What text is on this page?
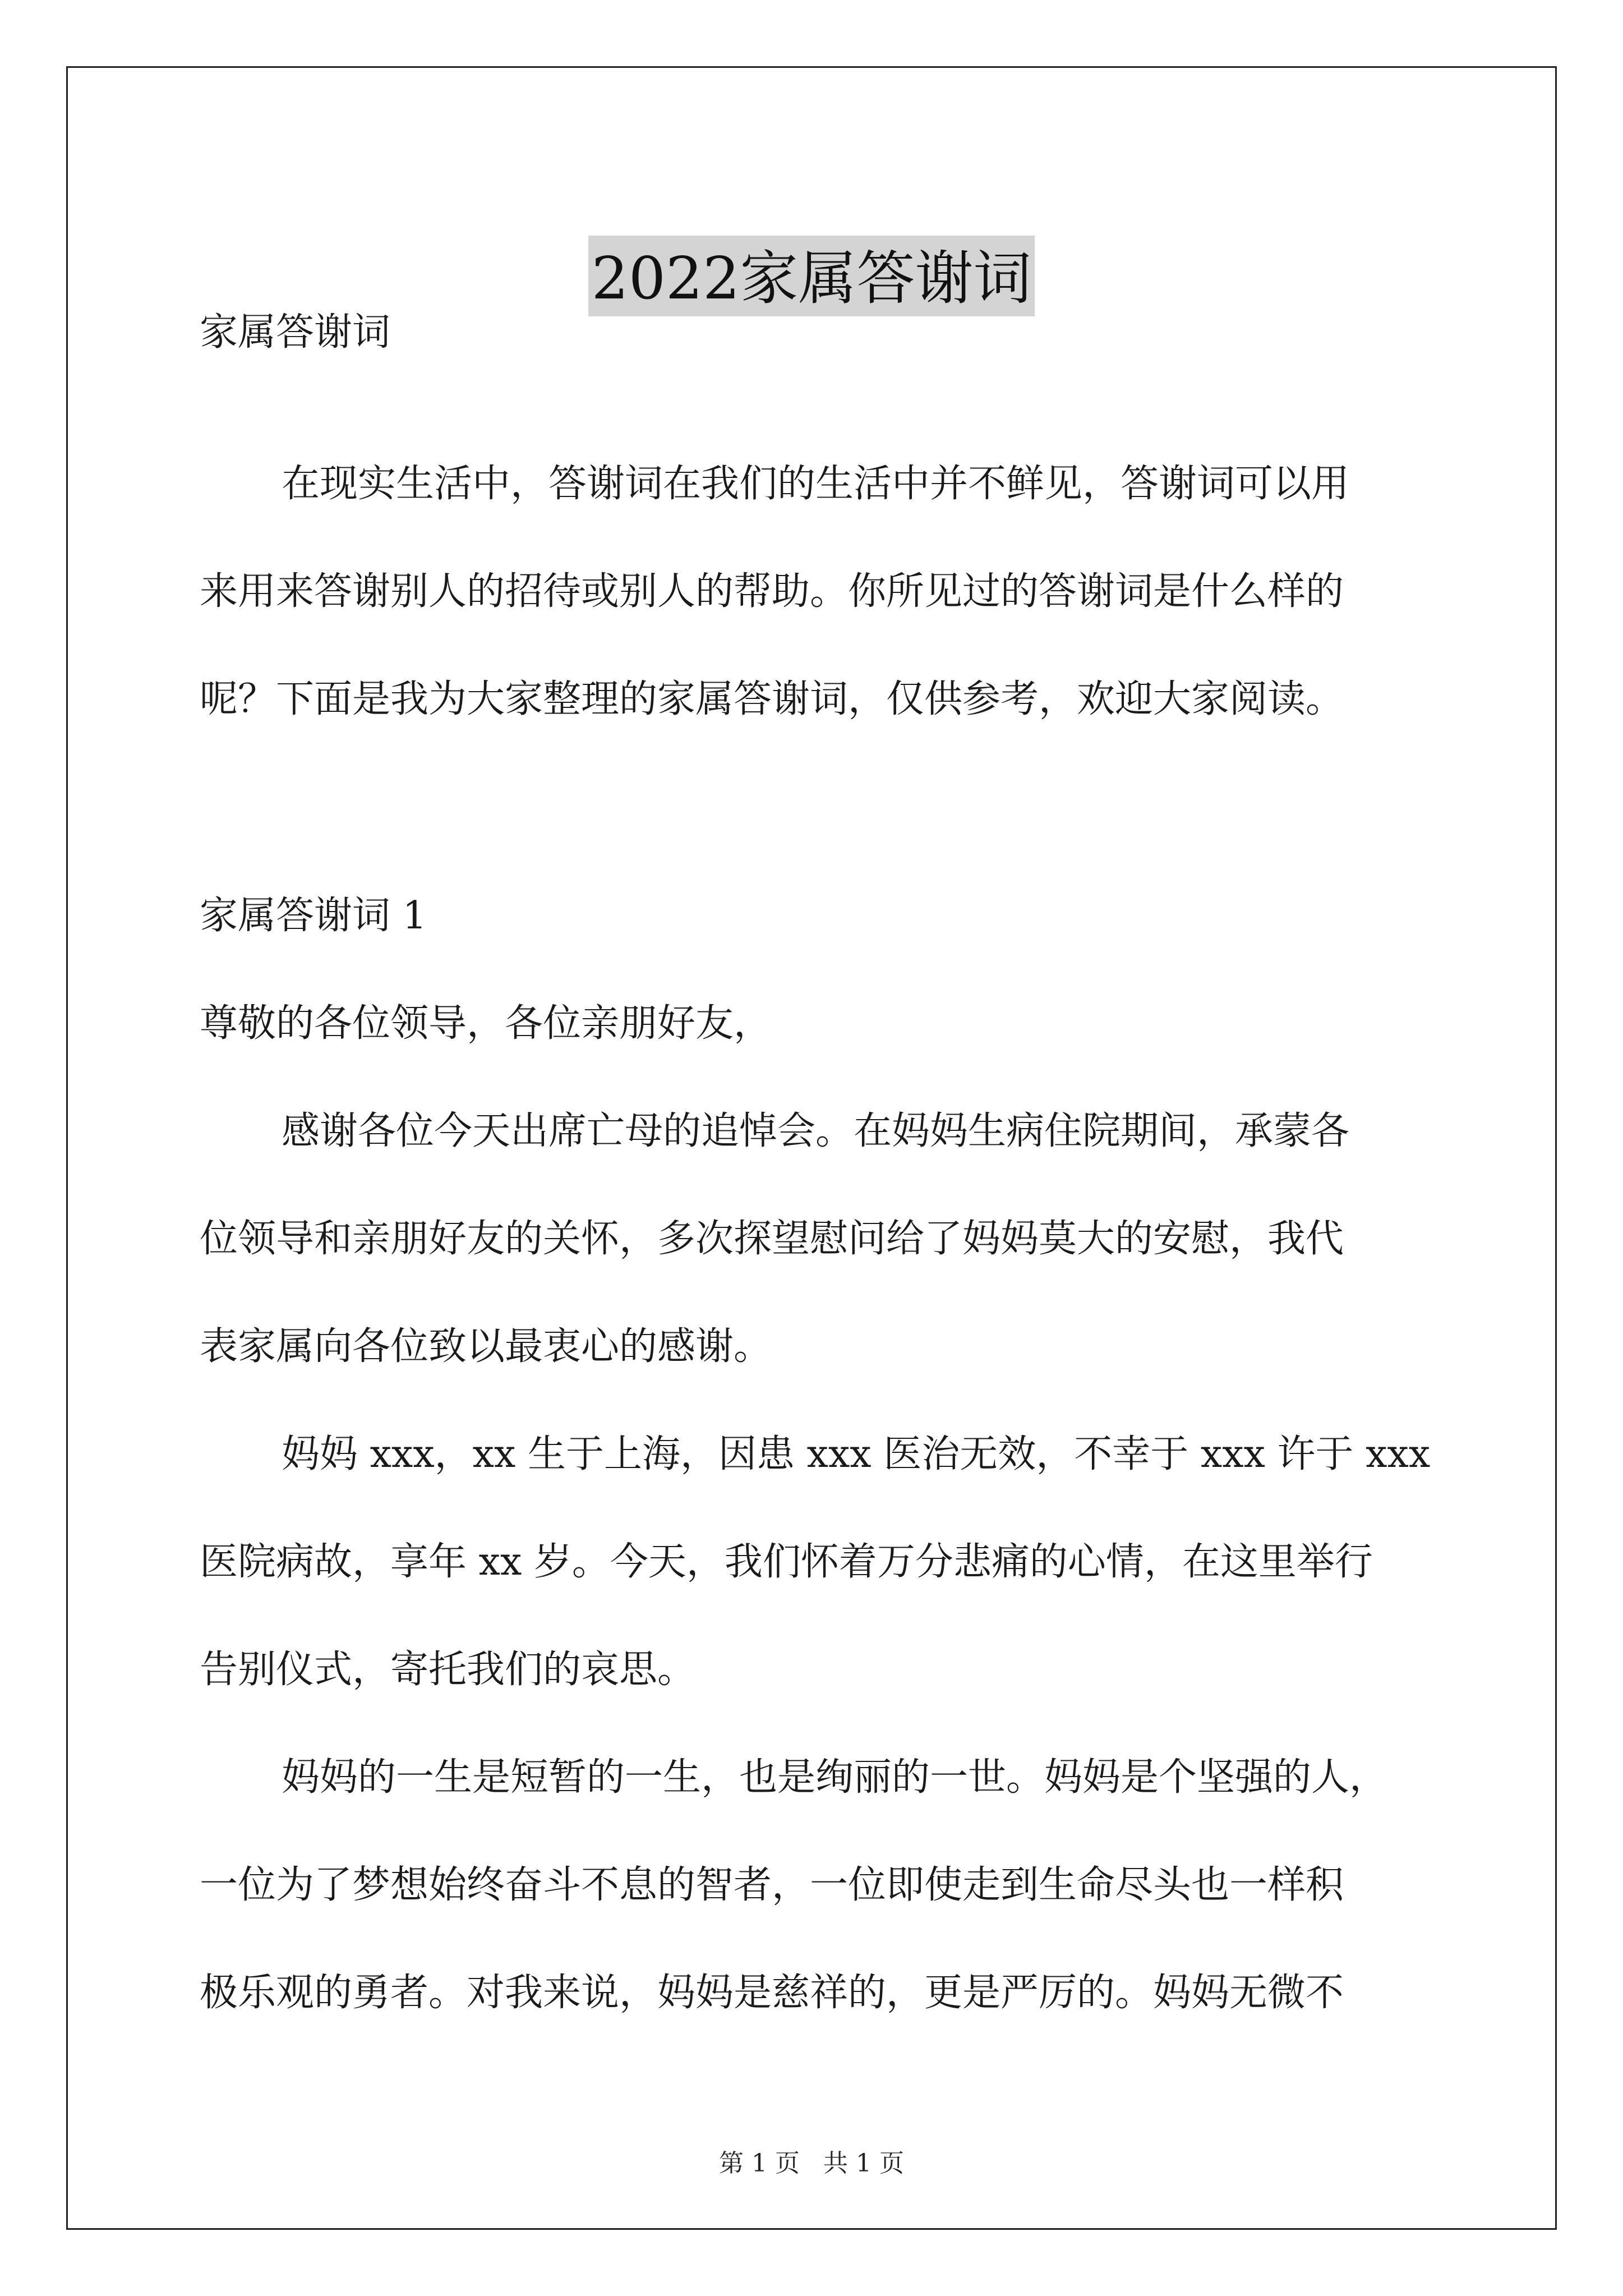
2022家属答谢词

家属答谢词

在现实生活中，答谢词在我们的生活中并不鲜见，答谢词可以用

来用来答谢别人的招待或别人的帮助。你所见过的答谢词是什么样的

呢？下面是我为大家整理的家属答谢词，仅供参考，欢迎大家阅读。

家属答谢词 1

尊敬的各位领导，各位亲朋好友，

感谢各位今天出席亡母的追悼会。在妈妈生病住院期间，承蒙各

位领导和亲朋好友的关怀，多次探望慰问给了妈妈莫大的安慰，我代

表家属向各位致以最衷心的感谢。

妈妈 xxx，xx 生于上海，因患 xxx 医治无效，不幸于 xxx 许于 xxx

医院病故，享年 xx 岁。今天，我们怀着万分悲痛的心情，在这里举行

告别仪式，寄托我们的哀思。

妈妈的一生是短暂的一生，也是绚丽的一世。妈妈是个坚强的人，

一位为了梦想始终奋斗不息的智者，一位即使走到生命尽头也一样积

极乐观的勇者。对我来说，妈妈是慈祥的，更是严厉的。妈妈无微不

第 1 页 共 1 页
